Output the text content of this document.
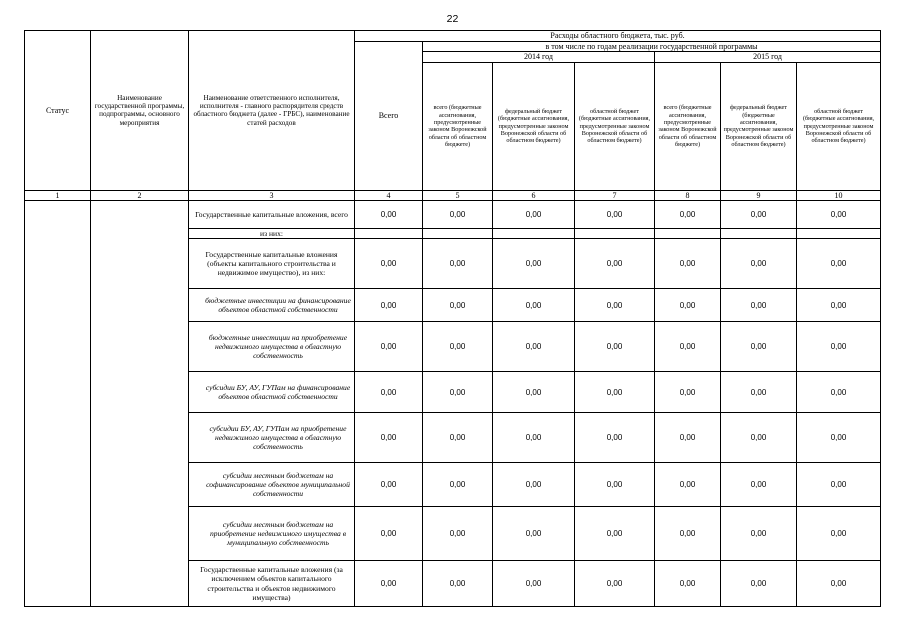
22
Статус	Наименование государственной программы, подпрограммы, основного мероприятия	Наименование ответственного исполнителя, исполнителя - главного распорядителя средств областного бюджета (далее - ГРБС), наименование статей расходов	Расходы областного бюджета, тыс. руб.						
			Всего	в том числе по годам реализации государственной программы					
				2014 год			2015 год		
				всего (бюджетные ассигнования, предусмотренные законом Воронежской области об областном бюджете)	федеральный бюджет (бюджетные ассигнования, предусмотренные законом Воронежской области об областном бюджете)	областной бюджет (бюджетные ассигнования, предусмотренные законом Воронежской области об областном бюджете)	всего (бюджетные ассигнования, предусмотренные законом Воронежской области об областном бюджете)	федеральный бюджет (бюджетные ассигнования, предусмотренные законом Воронежской области об областном бюджете)	областной бюджет (бюджетные ассигнования, предусмотренные законом Воронежской области об областном бюджете)
1	2	3	4	5	6	7	8	9	10
		Государственные капитальные вложения, всего	0,00	0,00	0,00	0,00	0,00	0,00	0,00
		из них:							
		Государственные капитальные вложения (объекты капитального строительства и недвижимое имущество), из них:	0,00	0,00	0,00	0,00	0,00	0,00	0,00
		бюджетные инвестиции на финансирование объектов областной собственности	0,00	0,00	0,00	0,00	0,00	0,00	0,00
		бюджетные инвестиции на приобретение недвижимого имущества в областную собственность	0,00	0,00	0,00	0,00	0,00	0,00	0,00
		субсидии БУ, АУ, ГУПам на финансирование объектов областной собственности	0,00	0,00	0,00	0,00	0,00	0,00	0,00
		субсидии БУ, АУ, ГУПам на приобретение недвижимого имущества в областную собственность	0,00	0,00	0,00	0,00	0,00	0,00	0,00
		субсидии местным бюджетам на софинансирование объектов муниципальной собственности	0,00	0,00	0,00	0,00	0,00	0,00	0,00
		субсидии местным бюджетам на приобретение недвижимого имущества в муниципальную собственность	0,00	0,00	0,00	0,00	0,00	0,00	0,00
		Государственные капитальные вложения (за исключением объектов капитального строительства и объектов недвижимого имущества)	0,00	0,00	0,00	0,00	0,00	0,00	0,00
